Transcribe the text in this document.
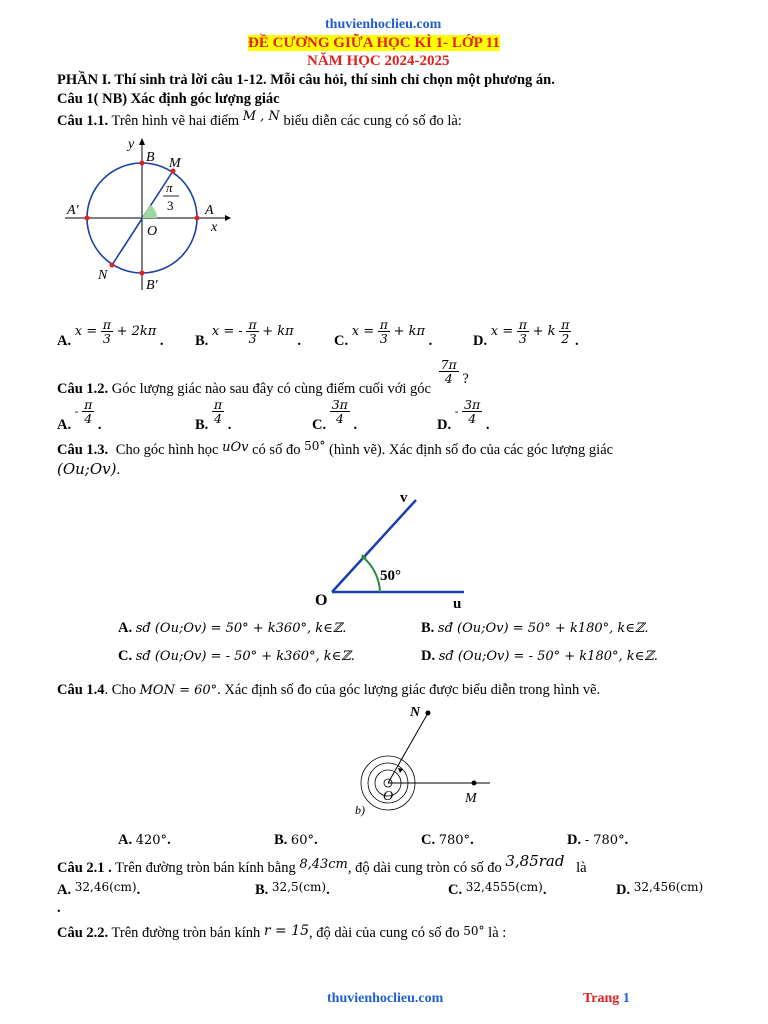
thuvienhoclieu.com
ĐỀ CƯƠNG GIỮA HỌC KÌ 1- LỚP 11
NĂM HỌC 2024-2025
PHẦN I. Thí sinh trả lời câu 1-12. Mỗi câu hỏi, thí sinh chỉ chọn một phương án.
Câu 1( NB) Xác định góc lượng giác
Câu 1.1. Trên hình vẽ hai điểm M , N biểu diễn các cung có số đo là:
y
B M
A′	A
x
O
N
B′
π
3
A. $x = \frac{\pi}{3} + 2k\pi$ . B. x = - $\frac{\pi}{3} + k\pi$ . C. $x = \frac{\pi}{3} + k\pi$ .	D. $x = \frac{\pi}{3} + k \frac{\pi}{2}$ .
Câu 1.2. Góc lượng giác nào sau đây có cùng điểm cuối với góc
$\frac{7\pi}{4}$ ?
A. - $\frac{\pi}{4}$ .	B. $\frac{\pi}{4}$ .	C. $\frac{3\pi}{4}$ .	D. - $\frac{3\pi}{4}$ .
Câu 1.3. Cho góc hình học uOv có số đo $^{50^\circ}$ (hình vẽ). Xác định số đo của các góc lượng giác
(Ou;Ov).
v
50°
O	u
A. sđ (Ou;Ov) = 50° + k360°, k∈ℤ.	B. sđ (Ou;Ov) = 50° + k180°, k∈ℤ.
C. sđ (Ou;Ov) = - 50° + k360°, k∈ℤ.	D. sđ (Ou;Ov) = - 50° + k180°, k∈ℤ.
Câu 1.4. Cho MON = 60°. Xác định số đo của góc lượng giác được biểu diễn trong hình vẽ.
N
O	M
b)
A. 420°.	B. 60°.	C. 780°.	D. - 780°.
Câu 2.1 . Trên đường tròn bán kính bằng 8,43cm, độ dài cung tròn có số đo 3,85rad là
A. $^{32,46(cm)}$.	B. $^{32,5(cm)}$.	C. $^{32,4555(cm)}$.	D. $^{32,456(cm)}$
.
Câu 2.2. Trên đường tròn bán kính r = 15, độ dài của cung có số đo 50° là :
thuvienhoclieu.com	Trang 1
